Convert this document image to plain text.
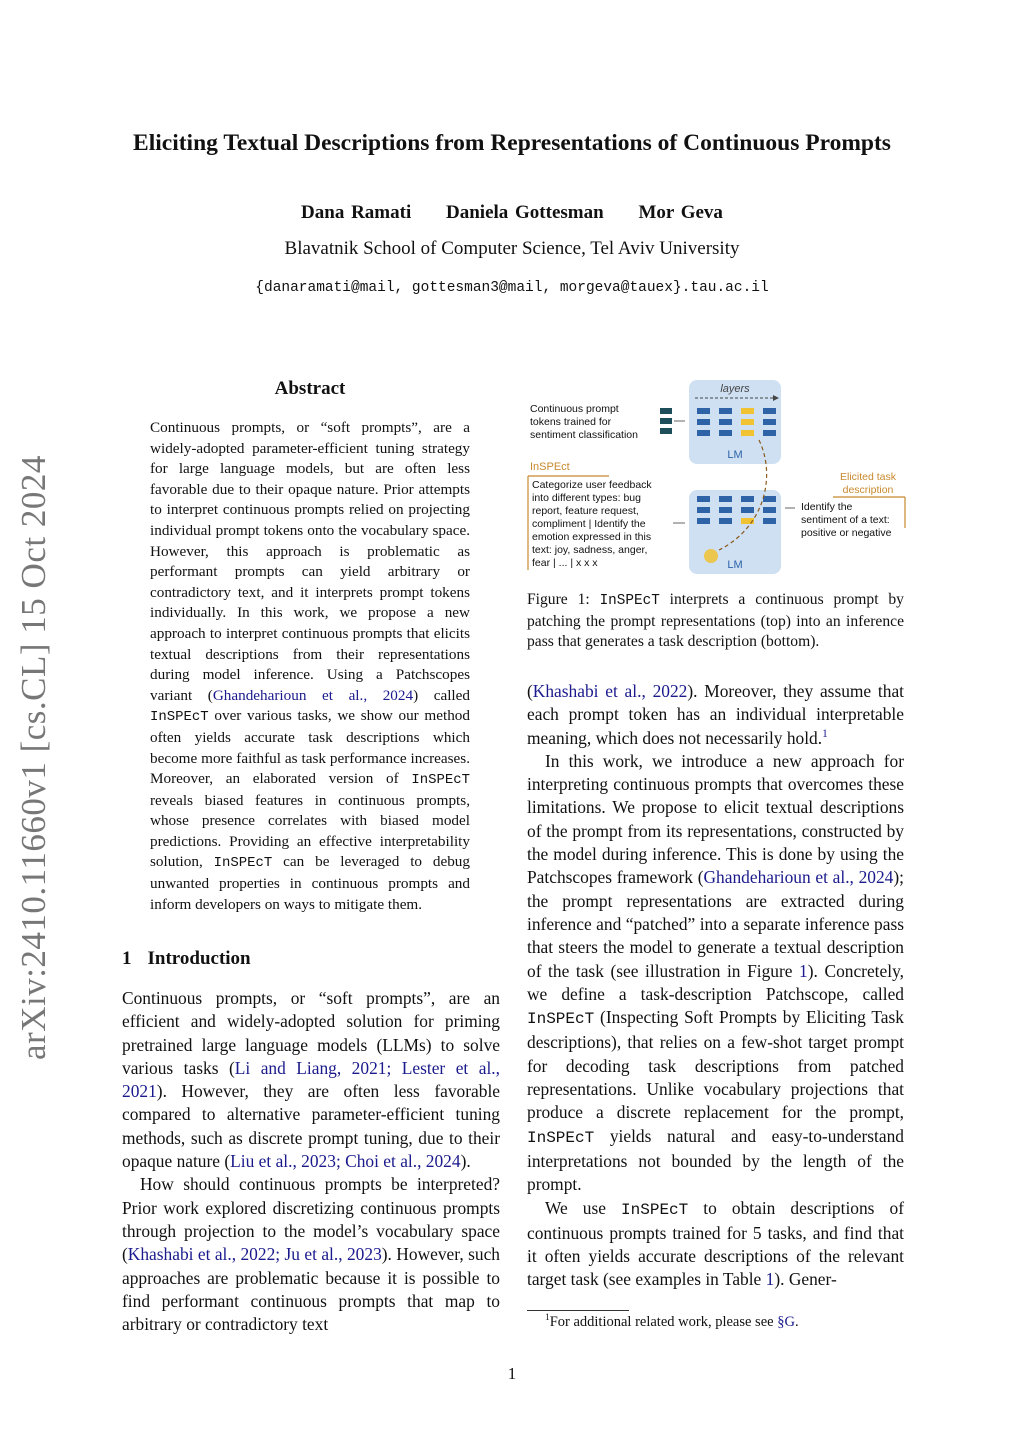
Eliciting Textual Descriptions from Representations of Continuous Prompts
Dana Ramati Daniela Gottesman Mor Geva
Blavatnik School of Computer Science, Tel Aviv University
{danaramati@mail, gottesman3@mail, morgeva@tauex}.tau.ac.il
arXiv:2410.11660v1 [cs.CL] 15 Oct 2024
Abstract
Continuous prompts, or “soft prompts”, are a widely-adopted parameter-efficient tuning strategy for large language models, but are often less favorable due to their opaque nature. Prior attempts to interpret continuous prompts relied on projecting individual prompt tokens onto the vocabulary space. However, this approach is problematic as performant prompts can yield arbitrary or contradictory text, and it interprets prompt tokens individually. In this work, we propose a new approach to interpret continuous prompts that elicits textual descriptions from their representations during model inference. Using a Patchscopes variant (Ghandeharioun et al., 2024) called InSPEcT over various tasks, we show our method often yields accurate task descriptions which become more faithful as task performance increases. Moreover, an elaborated version of InSPEcT reveals biased features in continuous prompts, whose presence correlates with biased model predictions. Providing an effective interpretability solution, InSPEcT can be leveraged to debug unwanted properties in continuous prompts and inform developers on ways to mitigate them.
1 Introduction

Continuous prompts, or “soft prompts”, are an efficient and widely-adopted solution for priming pretrained large language models (LLMs) to solve various tasks (Li and Liang, 2021; Lester et al., 2021). However, they are often less favorable compared to alternative parameter-efficient tuning methods, such as discrete prompt tuning, due to their opaque nature (Liu et al., 2023; Choi et al., 2024).

How should continuous prompts be interpreted? Prior work explored discretizing continuous prompts through projection to the model’s vocabulary space (Khashabi et al., 2022; Ju et al., 2023). However, such approaches are problematic because it is possible to find performant continuous prompts that map to arbitrary or contradictory text

layers
LM
Continuous prompt
tokens trained for
sentiment classification
LM
InSPEct
Categorize user feedback
into different types: bug
report, feature request,
compliment | Identify the
emotion expressed in this
text: joy, sadness, anger,
fear | ... | x x x
Elicited task
description
Identify the
sentiment of a text:
positive or negative
Figure 1: InSPEcT interprets a continuous prompt by patching the prompt representations (top) into an inference pass that generates a task description (bottom).

(Khashabi et al., 2022). Moreover, they assume that each prompt token has an individual interpretable meaning, which does not necessarily hold.$^1$

In this work, we introduce a new approach for interpreting continuous prompts that overcomes these limitations. We propose to elicit textual descriptions of the prompt from its representations, constructed by the model during inference. This is done by using the Patchscopes framework (Ghandeharioun et al., 2024); the prompt representations are extracted during inference and “patched” into a separate inference pass that steers the model to generate a textual description of the task (see illustration in Figure 1). Concretely, we define a task-description Patchscope, called InSPEcT (Inspecting Soft Prompts by Eliciting Task descriptions), that relies on a few-shot target prompt for decoding task descriptions from patched representations. Unlike vocabulary projections that produce a discrete replacement for the prompt, InSPEcT yields natural and easy-to-understand interpretations not bounded by the length of the prompt.

We use InSPEcT to obtain descriptions of continuous prompts trained for 5 tasks, and find that it often yields accurate descriptions of the relevant target task (see examples in Table 1). Gener-

$^1$For additional related work, please see §G.
1
